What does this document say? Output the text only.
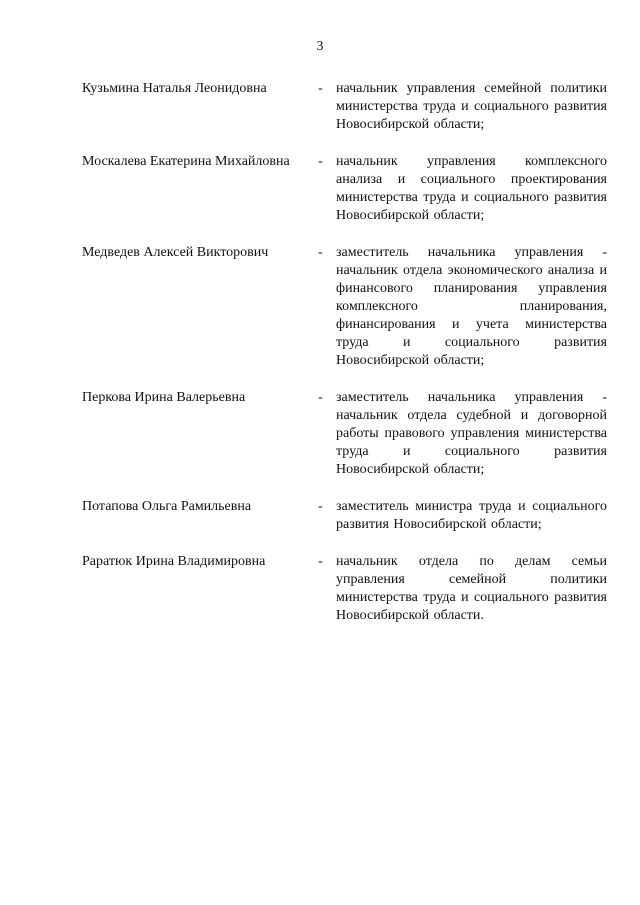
3
Кузьмина Наталья Леонидовна	- начальник управления семейной политики министерства труда и социального развития Новосибирской области;
Москалева Екатерина Михайловна	- начальник управления комплексного анализа и социального проектирования министерства труда и социального развития Новосибирской области;
Медведев Алексей Викторович	- заместитель начальника управления - начальник отдела экономического анализа и финансового планирования управления комплексного планирования, финансирования и учета министерства труда и социального развития Новосибирской области;
Перкова Ирина Валерьевна	- заместитель начальника управления - начальник отдела судебной и договорной работы правового управления министерства труда и социального развития Новосибирской области;
Потапова Ольга Рамильевна	- заместитель министра труда и социального развития Новосибирской области;
Раратюк Ирина Владимировна	- начальник отдела по делам семьи управления семейной политики министерства труда и социального развития Новосибирской области.
